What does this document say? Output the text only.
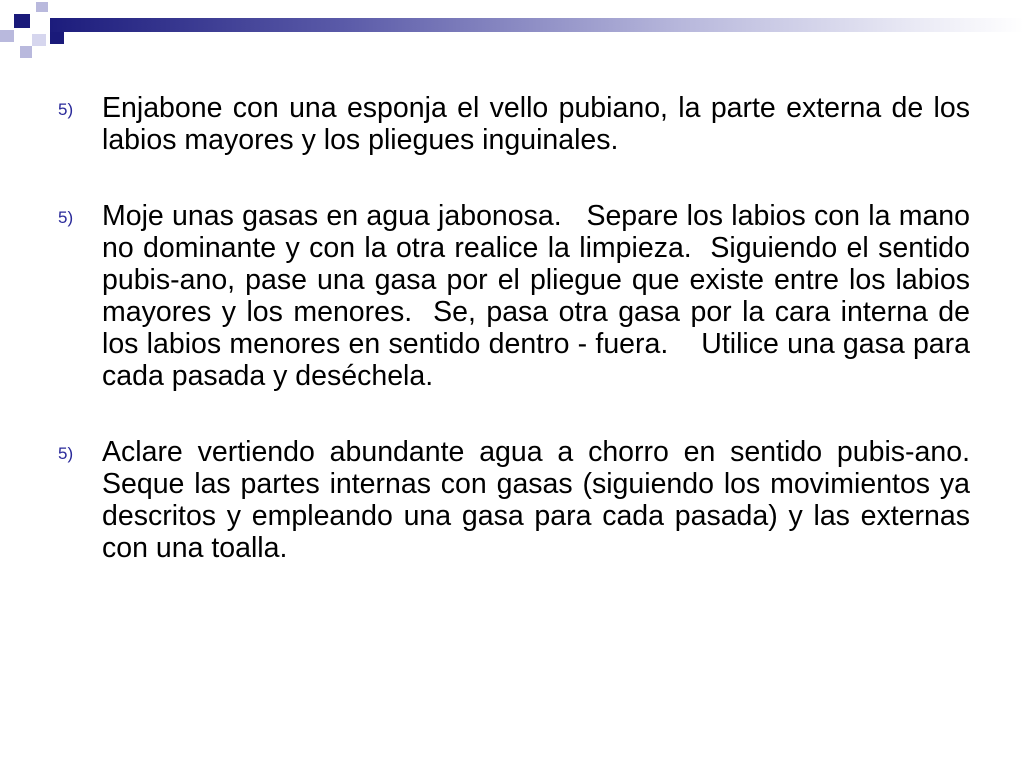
5) Enjabone con una esponja el vello pubiano, la parte externa de los labios mayores y los pliegues inguinales.
5) Moje unas gasas en agua jabonosa.   Separe los labios con la mano no dominante y con la otra realice la limpieza.  Siguiendo el sentido pubis-ano, pase una gasa por el pliegue que existe entre los labios mayores y los menores.  Se, pasa otra gasa por la cara interna de los labios menores en sentido dentro - fuera.    Utilice una gasa para cada pasada y deséchela.
5) Aclare vertiendo abundante agua a chorro en sentido pubis-ano.  Seque las partes internas con gasas (siguiendo los movimientos ya descritos y empleando una gasa para cada pasada) y las externas con una toalla.
